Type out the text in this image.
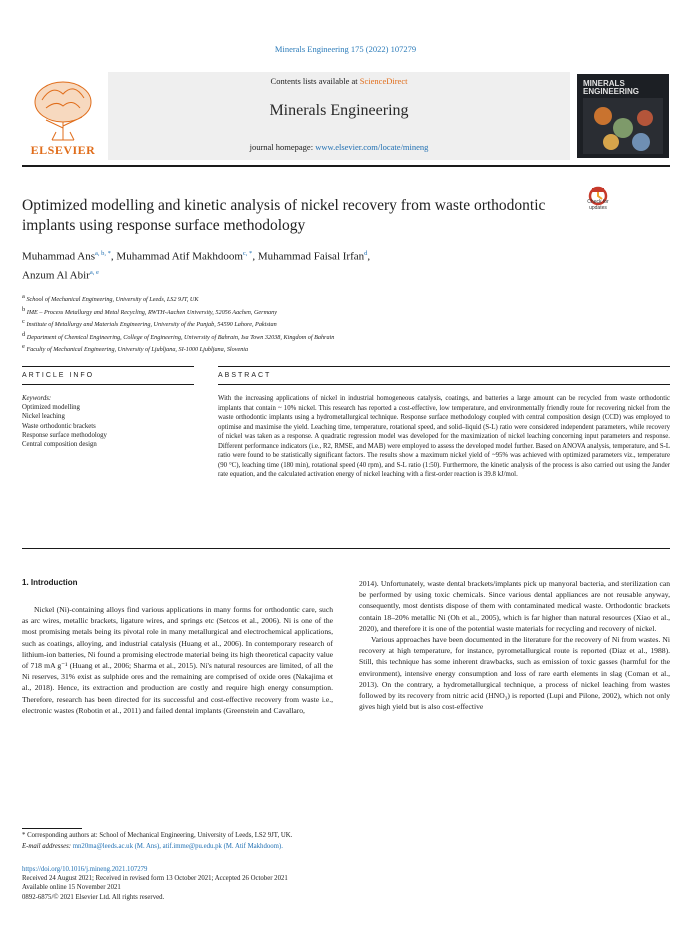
Minerals Engineering 175 (2022) 107279
ELSEVIER
Contents lists available at ScienceDirect
Minerals Engineering
journal homepage: www.elsevier.com/locate/mineng
MINERALS
ENGINEERING
Check for
updates
Optimized modelling and kinetic analysis of nickel recovery from waste orthodontic implants using response surface methodology
Muhammad Ans$^{a, b, *}$, Muhammad Atif Makhdoom$^{c, *}$, Muhammad Faisal Irfan$^d$,
Anzum Al Abir$^{a, e}$
$^a$ School of Mechanical Engineering, University of Leeds, LS2 9JT, UK
$^b$ IME – Process Metallurgy and Metal Recycling, RWTH-Aachen University, 52056 Aachen, Germany
$^c$ Institute of Metallurgy and Materials Engineering, University of the Punjab, 54590 Lahore, Pakistan
$^d$ Department of Chemical Engineering, College of Engineering, University of Bahrain, Isa Town 32038, Kingdom of Bahrain
$^e$ Faculty of Mechanical Engineering, University of Ljubljana, SI-1000 Ljubljana, Slovenia
ARTICLE INFO	ABSTRACT
Keywords:
Optimized modelling
Nickel leaching
Waste orthodontic brackets
Response surface methodology
Central composition design
With the increasing applications of nickel in industrial homogeneous catalysis, coatings, and batteries a large amount can be recycled from waste orthodontic implants that contain ~ 10% nickel. This research has reported a cost-effective, low temperature, and environmentally friendly route for recovering nickel from the waste orthodontic implants using a hydrometallurgical technique. Response surface methodology coupled with central composition design (CCD) was employed to optimise and maximise the yield. Leaching time, temperature, rotational speed, and solid–liquid (S-L) ratio were considered independent parameters, while recovery of nickel was taken as a response. A quadratic regression model was developed for the maximization of nickel leaching concerning input parameters and response. Different performance indicators (i.e., R2, RMSE, and MAB) were employed to assess the developed model further. Based on ANOVA analysis, temperature, and S-L ratio were found to be statistically significant factors. The results show a maximum nickel yield of ~95% was achieved with optimized parameters viz., temperature (90 °C), leaching time (180 min), rotational speed (40 rpm), and S-L ratio (1:50). Furthermore, the kinetic analysis of the process is also carried out using the Jander rate equation, and the calculated activation energy of nickel leaching with a first-order reaction is 39.8 kJ/mol.
1. Introduction

Nickel (Ni)-containing alloys find various applications in many forms for orthodontic care, such as arc wires, metallic brackets, ligature wires, and springs etc (Setcos et al., 2006). Ni is one of the most promising metals being its pivotal role in many metallurgical and electrochemical applications, such as coatings, alloying, and industrial catalysis (Huang et al., 2006). In contemporary research of lithium-ion batteries, Ni found a promising electrode material being its high theoretical capacity value of 718 mA g⁻¹ (Huang et al., 2006; Sharma et al., 2015). Ni's natural resources are limited, of all the Ni reserves, 31% exist as sulphide ores and the remaining are comprised of oxide ores (Nakajima et al., 2018). Hence, its extraction and production are costly and require high energy consumption. Therefore, research has been directed for its successful and cost-effective recovery from waste i.e., electronic wastes (Robotin et al., 2011) and failed dental implants (Greenstein and Cavallaro,

2014). Unfortunately, waste dental brackets/implants pick up manyoral bacteria, and sterilization can be performed by using toxic chemicals. Since various dental appliances are not reusable anyway, consequently, most dentists dispose of them with contaminated medical waste. Orthodontic brackets contain 18–20% metallic Ni (Oh et al., 2005), which is far higher than natural resources (Xiao et al., 2020), and therefore it is one of the potential waste materials for recycling and recovery of nickel.

Various approaches have been documented in the literature for the recovery of Ni from wastes. Ni recovery at high temperature, for instance, pyrometallurgical route is reported (Diaz et al., 1988). Still, this technique has some inherent drawbacks, such as emission of toxic gasses (harmful for the environment), intensive energy consumption and loss of rare earth elements in slag (Coman et al., 2013). On the contrary, a hydrometallurgical technique, a process of nickel leaching from wastes followed by its recovery from nitric acid (HNO₃) is reported (Lupi and Pilone, 2002), which not only gives high yield but is also cost-effective

* Corresponding authors at: School of Mechanical Engineering, University of Leeds, LS2 9JT, UK.
E-mail addresses: mn20ma@leeds.ac.uk (M. Ans), atif.imme@pu.edu.pk (M. Atif Makhdoom).
https://doi.org/10.1016/j.mineng.2021.107279
Received 24 August 2021; Received in revised form 13 October 2021; Accepted 26 October 2021
Available online 15 November 2021
0892-6875/© 2021 Elsevier Ltd. All rights reserved.
